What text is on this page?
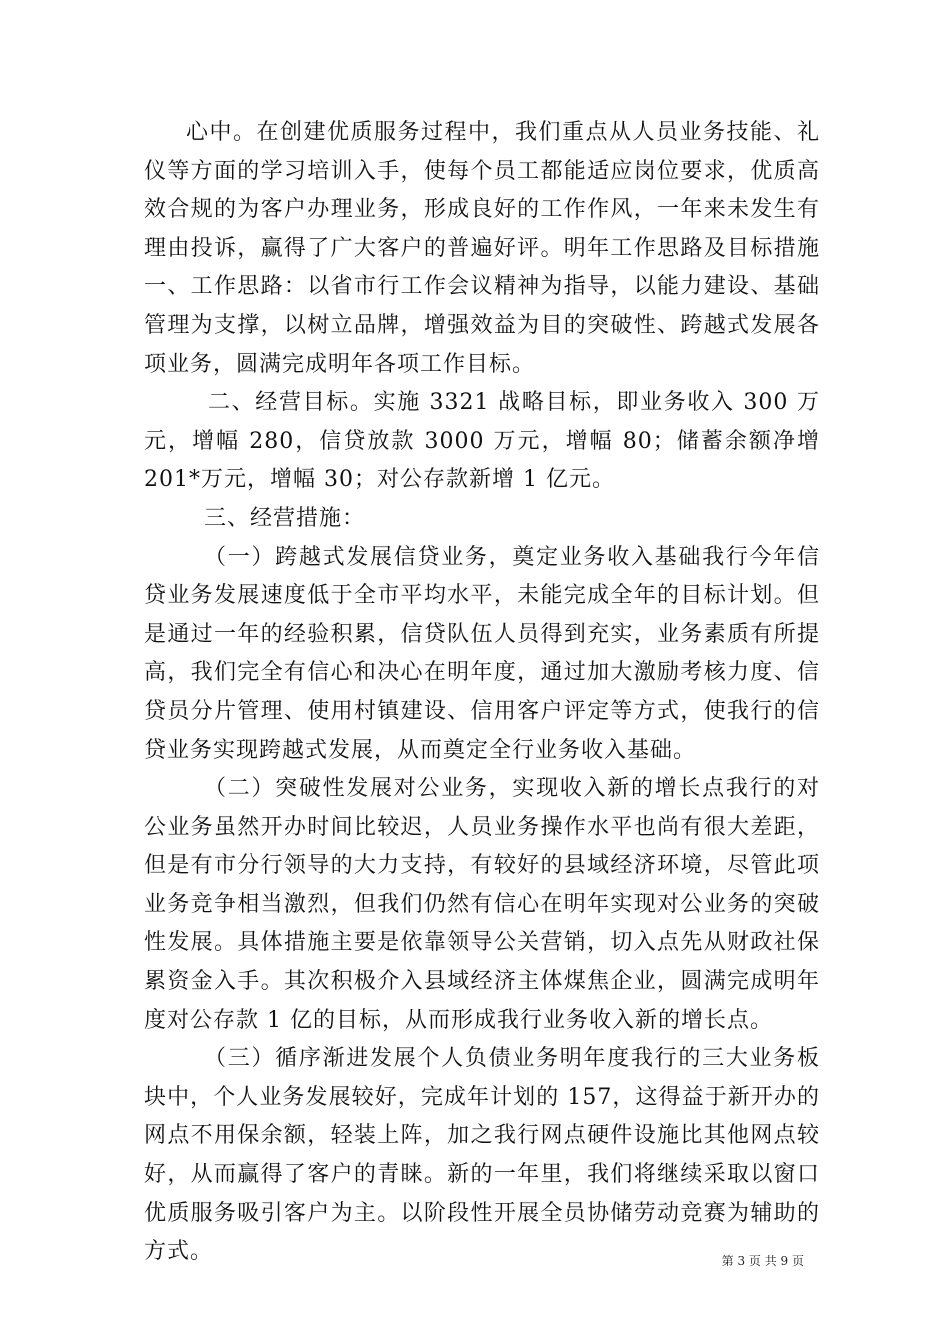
心中。在创建优质服务过程中，我们重点从人员业务技能、礼仪等方面的学习培训入手，使每个员工都能适应岗位要求，优质高效合规的为客户办理业务，形成良好的工作作风，一年来未发生有理由投诉，赢得了广大客户的普遍好评。明年工作思路及目标措施一、工作思路：以省市行工作会议精神为指导，以能力建设、基础管理为支撑，以树立品牌，增强效益为目的突破性、跨越式发展各项业务，圆满完成明年各项工作目标。

二、经营目标。实施 3321 战略目标，即业务收入 300 万元，增幅 280，信贷放款 3000 万元，增幅 80；储蓄余额净增 201*万元，增幅 30；对公存款新增 1 亿元。

三、经营措施：

（一）跨越式发展信贷业务，奠定业务收入基础我行今年信贷业务发展速度低于全市平均水平，未能完成全年的目标计划。但是通过一年的经验积累，信贷队伍人员得到充实，业务素质有所提高，我们完全有信心和决心在明年度，通过加大激励考核力度、信贷员分片管理、使用村镇建设、信用客户评定等方式，使我行的信贷业务实现跨越式发展，从而奠定全行业务收入基础。

（二）突破性发展对公业务，实现收入新的增长点我行的对公业务虽然开办时间比较迟，人员业务操作水平也尚有很大差距，但是有市分行领导的大力支持，有较好的县域经济环境，尽管此项业务竞争相当激烈，但我们仍然有信心在明年实现对公业务的突破性发展。具体措施主要是依靠领导公关营销，切入点先从财政社保累资金入手。其次积极介入县域经济主体煤焦企业，圆满完成明年度对公存款 1 亿的目标，从而形成我行业务收入新的增长点。

（三）循序渐进发展个人负债业务明年度我行的三大业务板块中，个人业务发展较好，完成年计划的 157，这得益于新开办的网点不用保余额，轻装上阵，加之我行网点硬件设施比其他网点较好，从而赢得了客户的青睐。新的一年里，我们将继续采取以窗口优质服务吸引客户为主。以阶段性开展全员协储劳动竞赛为辅助的方式。	第 3 页 共 9 页
